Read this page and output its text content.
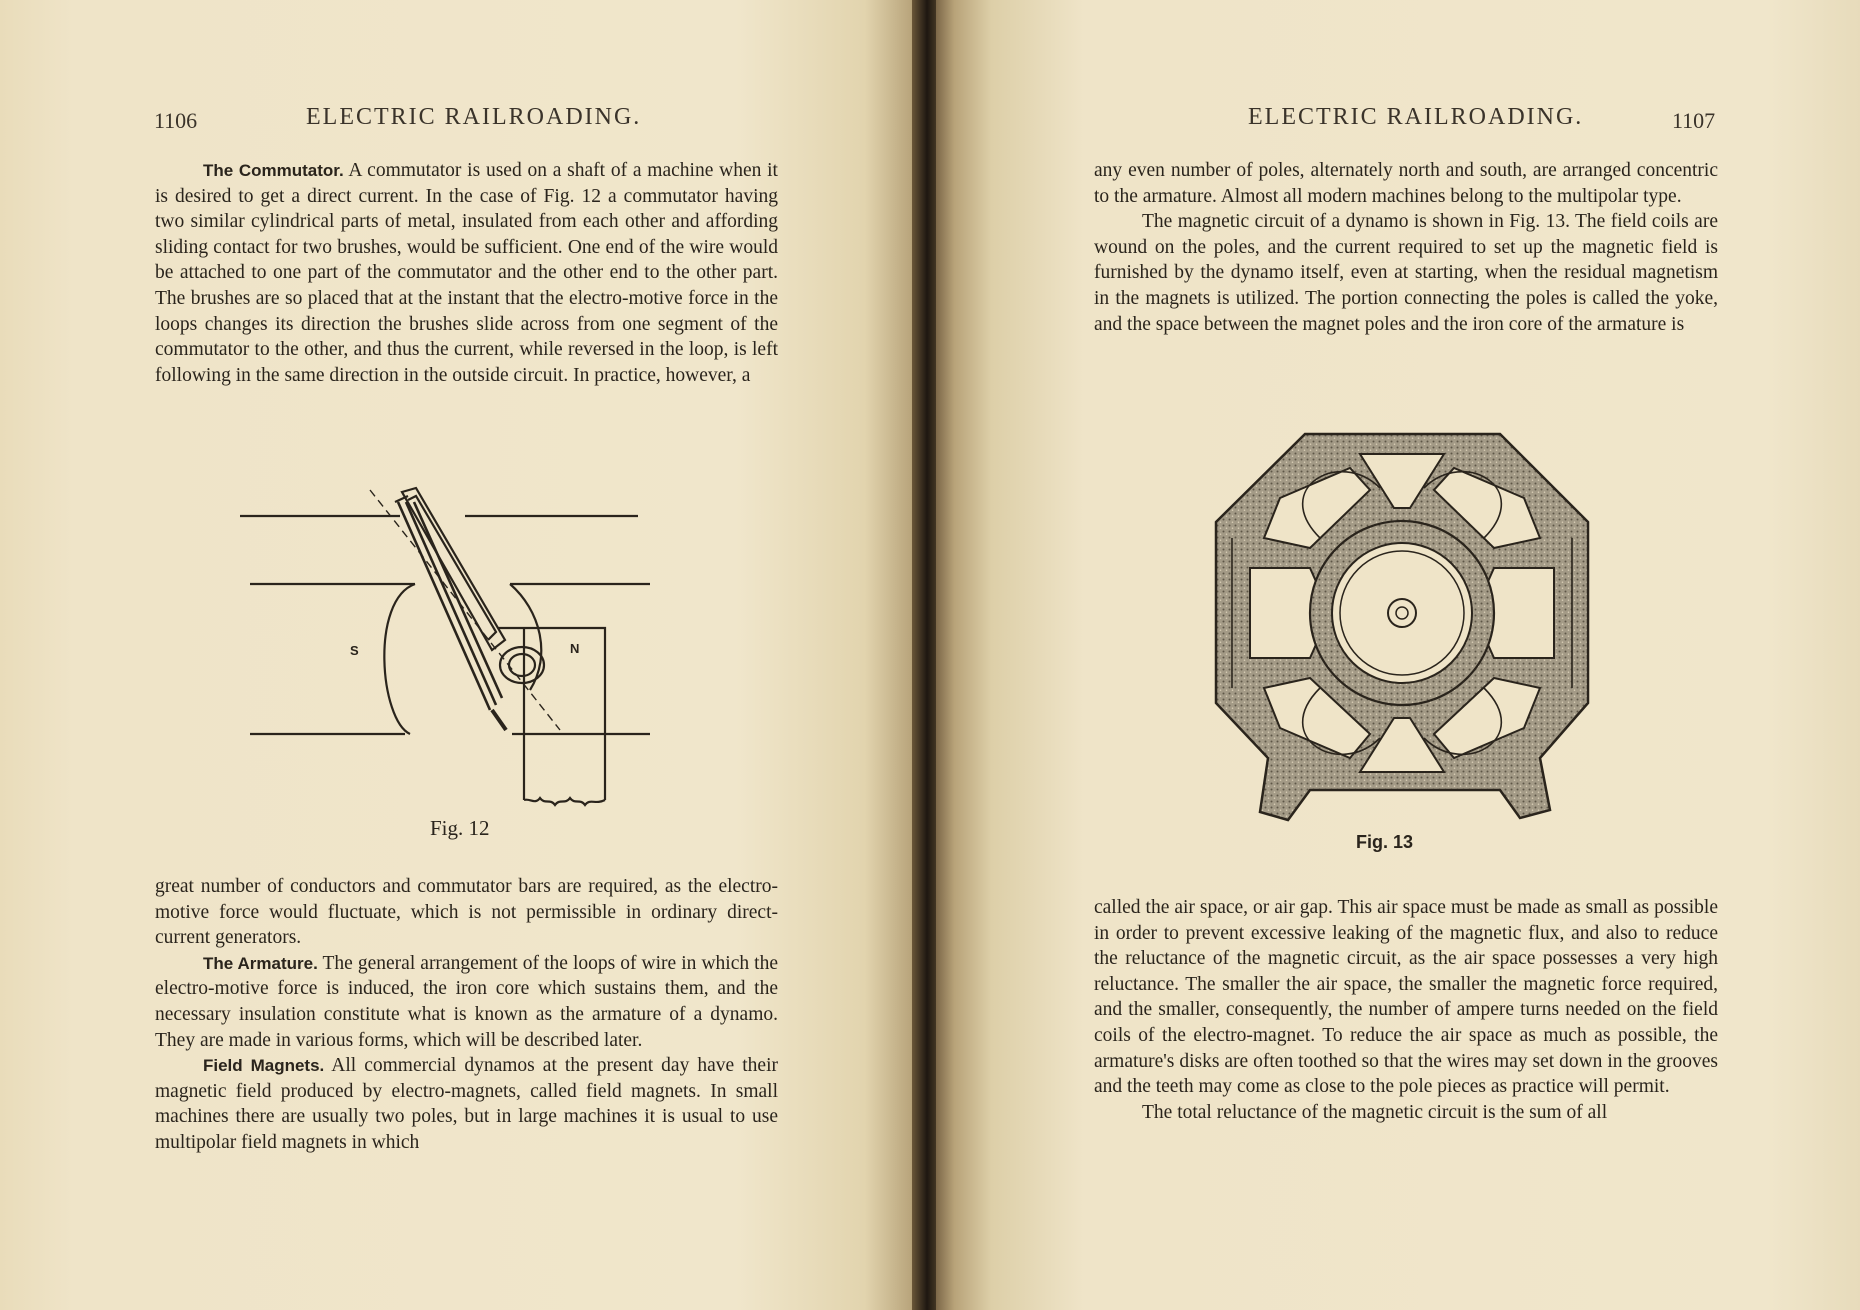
1106	ELECTRIC RAILROADING.

The Commutator. A commutator is used on a shaft of a machine when it is desired to get a direct current. In the case of Fig. 12 a commutator having two similar cylindrical parts of metal, insulated from each other and affording sliding contact for two brushes, would be sufficient. One end of the wire would be attached to one part of the commutator and the other end to the other part. The brushes are so placed that at the instant that the electro-motive force in the loops changes its direction the brushes slide across from one segment of the commutator to the other, and thus the current, while reversed in the loop, is left following in the same direction in the outside circuit. In practice, however, a

S	N
Fig. 12

great number of conductors and commutator bars are required, as the electro-motive force would fluctuate, which is not permissible in ordinary direct-current generators.

The Armature. The general arrangement of the loops of wire in which the electro-motive force is induced, the iron core which sustains them, and the necessary insulation constitute what is known as the armature of a dynamo. They are made in various forms, which will be described later.

Field Magnets. All commercial dynamos at the present day have their magnetic field produced by electro-magnets, called field magnets. In small machines there are usually two poles, but in large machines it is usual to use multipolar field magnets in which

ELECTRIC RAILROADING.	1107

any even number of poles, alternately north and south, are arranged concentric to the armature. Almost all modern machines belong to the multipolar type.

The magnetic circuit of a dynamo is shown in Fig. 13. The field coils are wound on the poles, and the current required to set up the magnetic field is furnished by the dynamo itself, even at starting, when the residual magnetism in the magnets is utilized. The portion connecting the poles is called the yoke, and the space between the magnet poles and the iron core of the armature is

Fig. 13

called the air space, or air gap. This air space must be made as small as possible in order to prevent excessive leaking of the magnetic flux, and also to reduce the reluctance of the magnetic circuit, as the air space possesses a very high reluctance. The smaller the air space, the smaller the magnetic force required, and the smaller, consequently, the number of ampere turns needed on the field coils of the electro-magnet. To reduce the air space as much as possible, the armature's disks are often toothed so that the wires may set down in the grooves and the teeth may come as close to the pole pieces as practice will permit.

The total reluctance of the magnetic circuit is the sum of all
